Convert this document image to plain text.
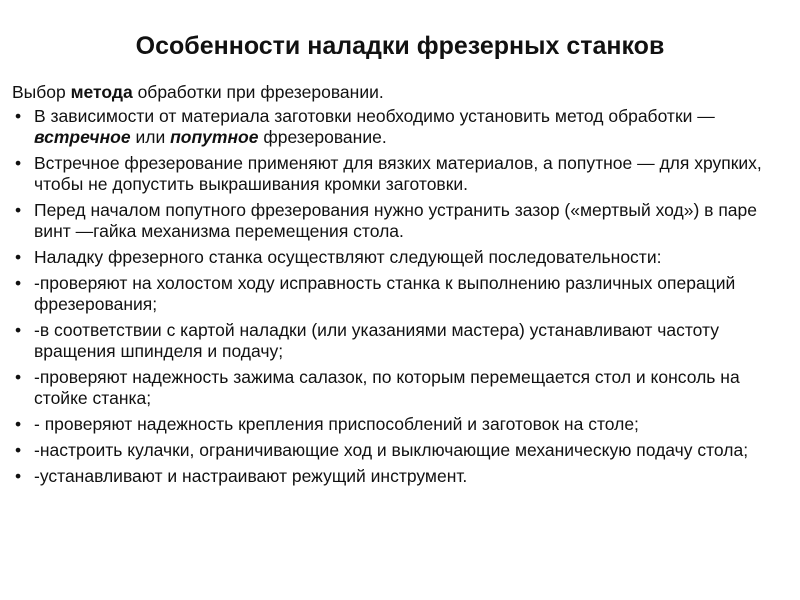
Особенности наладки фрезерных станков

Выбор метода обработки при фрезеровании.

• В зависимости от материала заготовки необходимо установить метод обработки — встречное или попутное фрезерование.
• Встречное фрезерование применяют для вязких материалов, а попутное — для хрупких, чтобы не допустить выкрашивания кромки заготовки.
• Перед началом попутного фрезерования нужно устранить зазор («мертвый ход») в паре винт —гайка механизма перемещения стола.
• Наладку фрезерного станка осуществляют следующей последовательности:
• -проверяют на холостом ходу исправность станка к выполнению различных операций фрезерования;
• -в соответствии с картой наладки (или указаниями мастера) устанавливают частоту вращения шпинделя и подачу;
• -проверяют надежность зажима салазок, по которым перемещается стол и консоль на стойке станка;
• - проверяют надежность крепления приспособлений и заготовок на столе;
• -настроить кулачки, ограничивающие ход и выключающие механическую подачу стола;
• -устанавливают и настраивают режущий инструмент.
